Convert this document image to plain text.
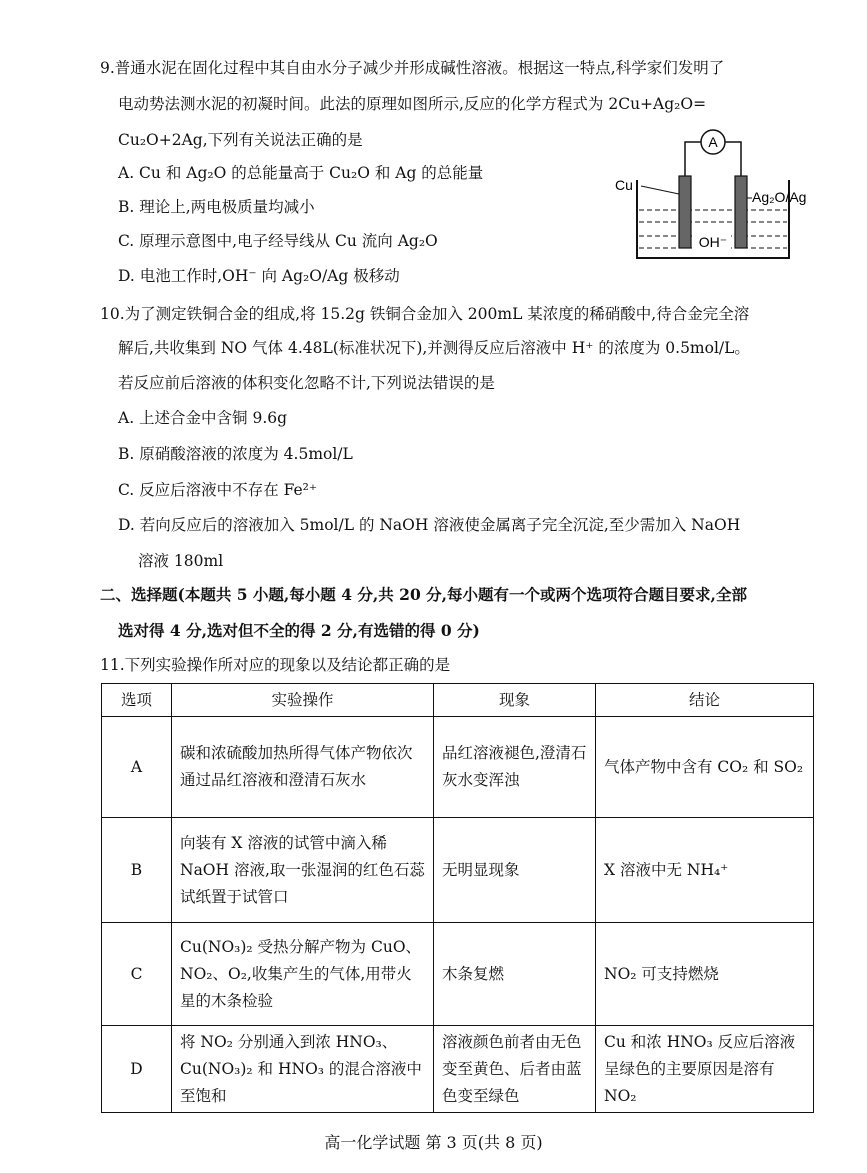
9.普通水泥在固化过程中其自由水分子减少并形成碱性溶液。根据这一特点,科学家们发明了
电动势法测水泥的初凝时间。此法的原理如图所示,反应的化学方程式为 2Cu+Ag₂O=
Cu₂O+2Ag,下列有关说法正确的是
A. Cu 和 Ag₂O 的总能量高于 Cu₂O 和 Ag 的总能量
B. 理论上,两电极质量均减小
C. 原理示意图中,电子经导线从 Cu 流向 Ag₂O
D. 电池工作时,OH⁻ 向 Ag₂O/Ag 极移动
A
Cu
Ag₂O/Ag
OH⁻
10.为了测定铁铜合金的组成,将 15.2g 铁铜合金加入 200mL 某浓度的稀硝酸中,待合金完全溶
解后,共收集到 NO 气体 4.48L(标准状况下),并测得反应后溶液中 H⁺ 的浓度为 0.5mol/L。
若反应前后溶液的体积变化忽略不计,下列说法错误的是
A. 上述合金中含铜 9.6g
B. 原硝酸溶液的浓度为 4.5mol/L
C. 反应后溶液中不存在 Fe²⁺
D. 若向反应后的溶液加入 5mol/L 的 NaOH 溶液使金属离子完全沉淀,至少需加入 NaOH
溶液 180ml
二、选择题(本题共 5 小题,每小题 4 分,共 20 分,每小题有一个或两个选项符合题目要求,全部
选对得 4 分,选对但不全的得 2 分,有选错的得 0 分)
11.下列实验操作所对应的现象以及结论都正确的是
选项	实验操作	现象	结论
A	碳和浓硫酸加热所得气体产物依次通过品红溶液和澄清石灰水	品红溶液褪色,澄清石灰水变浑浊	气体产物中含有 CO₂ 和 SO₂
B	向装有 X 溶液的试管中滴入稀 NaOH 溶液,取一张湿润的红色石蕊试纸置于试管口	无明显现象	X 溶液中无 NH₄⁺
C	Cu(NO₃)₂ 受热分解产物为 CuO、NO₂、O₂,收集产生的气体,用带火星的木条检验	木条复燃	NO₂ 可支持燃烧
D	将 NO₂ 分别通入到浓 HNO₃、Cu(NO₃)₂ 和 HNO₃ 的混合溶液中至饱和	溶液颜色前者由无色变至黄色、后者由蓝色变至绿色	Cu 和浓 HNO₃ 反应后溶液呈绿色的主要原因是溶有 NO₂
高一化学试题 第 3 页(共 8 页)
